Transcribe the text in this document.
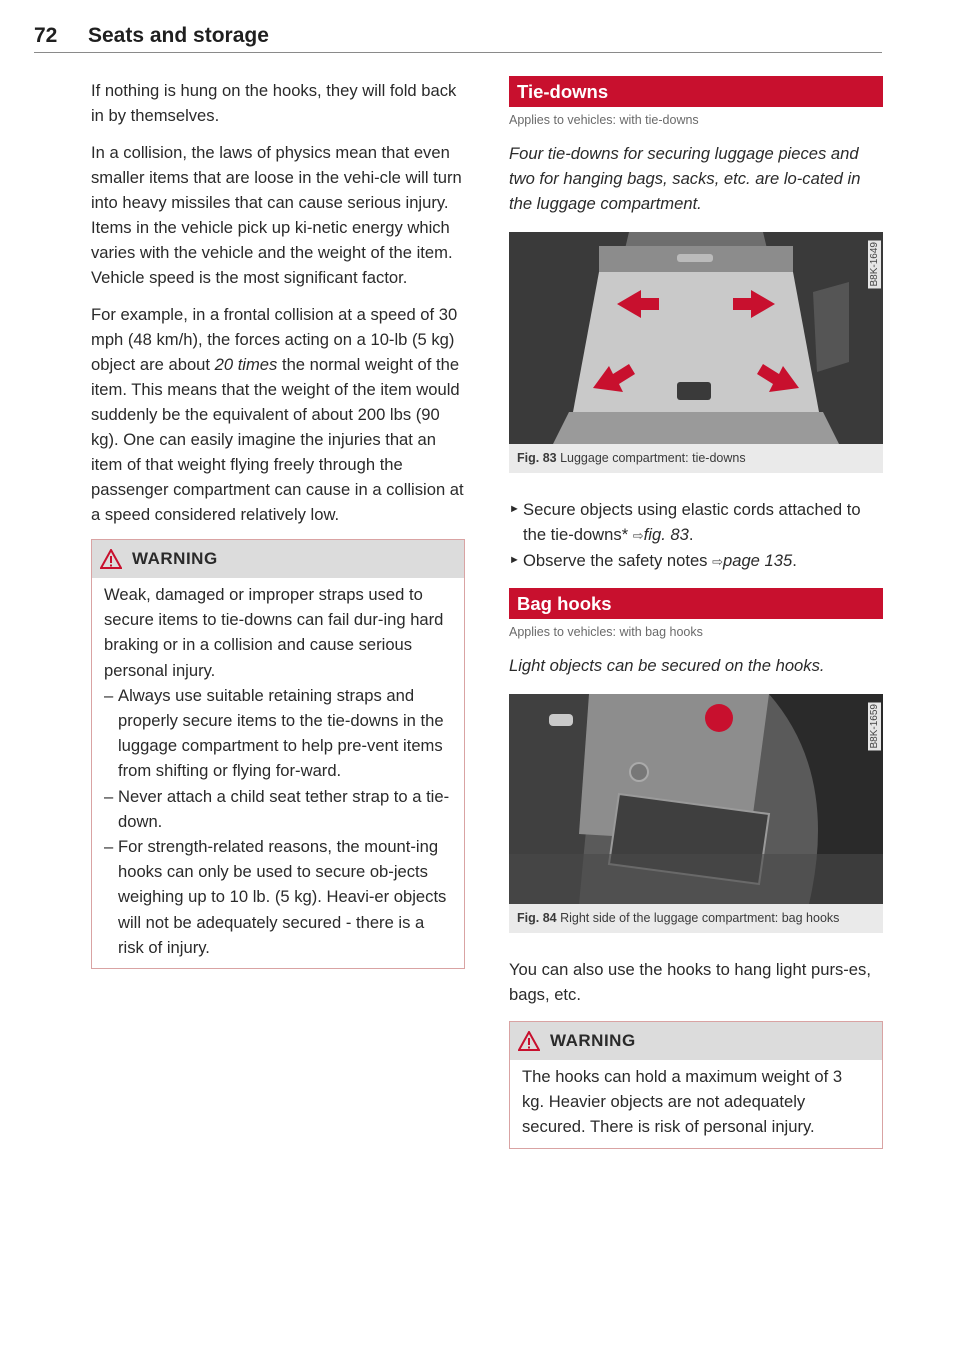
72 Seats and storage

If nothing is hung on the hooks, they will fold back in by themselves.

In a collision, the laws of physics mean that even smaller items that are loose in the vehi-cle will turn into heavy missiles that can cause serious injury. Items in the vehicle pick up ki-netic energy which varies with the vehicle and the weight of the item. Vehicle speed is the most significant factor.

For example, in a frontal collision at a speed of 30 mph (48 km/h), the forces acting on a 10-lb (5 kg) object are about 20 times the normal weight of the item. This means that the weight of the item would suddenly be the equivalent of about 200 lbs (90 kg). One can easily imagine the injuries that an item of that weight flying freely through the passenger compartment can cause in a collision at a speed considered relatively low.

WARNING

Weak, damaged or improper straps used to secure items to tie-downs can fail dur-ing hard braking or in a collision and cause serious personal injury.

– Always use suitable retaining straps and properly secure items to the tie-downs in the luggage compartment to help pre-vent items from shifting or flying for-ward.
– Never attach a child seat tether strap to a tie-down.
– For strength-related reasons, the mount-ing hooks can only be used to secure ob-jects weighing up to 10 lb. (5 kg). Heavi-er objects will not be adequately secured - there is a risk of injury.
Tie-downs
Applies to vehicles: with tie-downs

Four tie-downs for securing luggage pieces and two for hanging bags, sacks, etc. are lo-cated in the luggage compartment.

B8K-1649
Fig. 83 Luggage compartment: tie-downs
► Secure objects using elastic cords attached to the tie-downs* ⇨fig. 83.
► Observe the safety notes ⇨page 135.
Bag hooks
Applies to vehicles: with bag hooks

Light objects can be secured on the hooks.

B8K-1659
Fig. 84 Right side of the luggage compartment: bag hooks

You can also use the hooks to hang light purs-es, bags, etc.

WARNING

The hooks can hold a maximum weight of 3 kg. Heavier objects are not adequately secured. There is risk of personal injury.
